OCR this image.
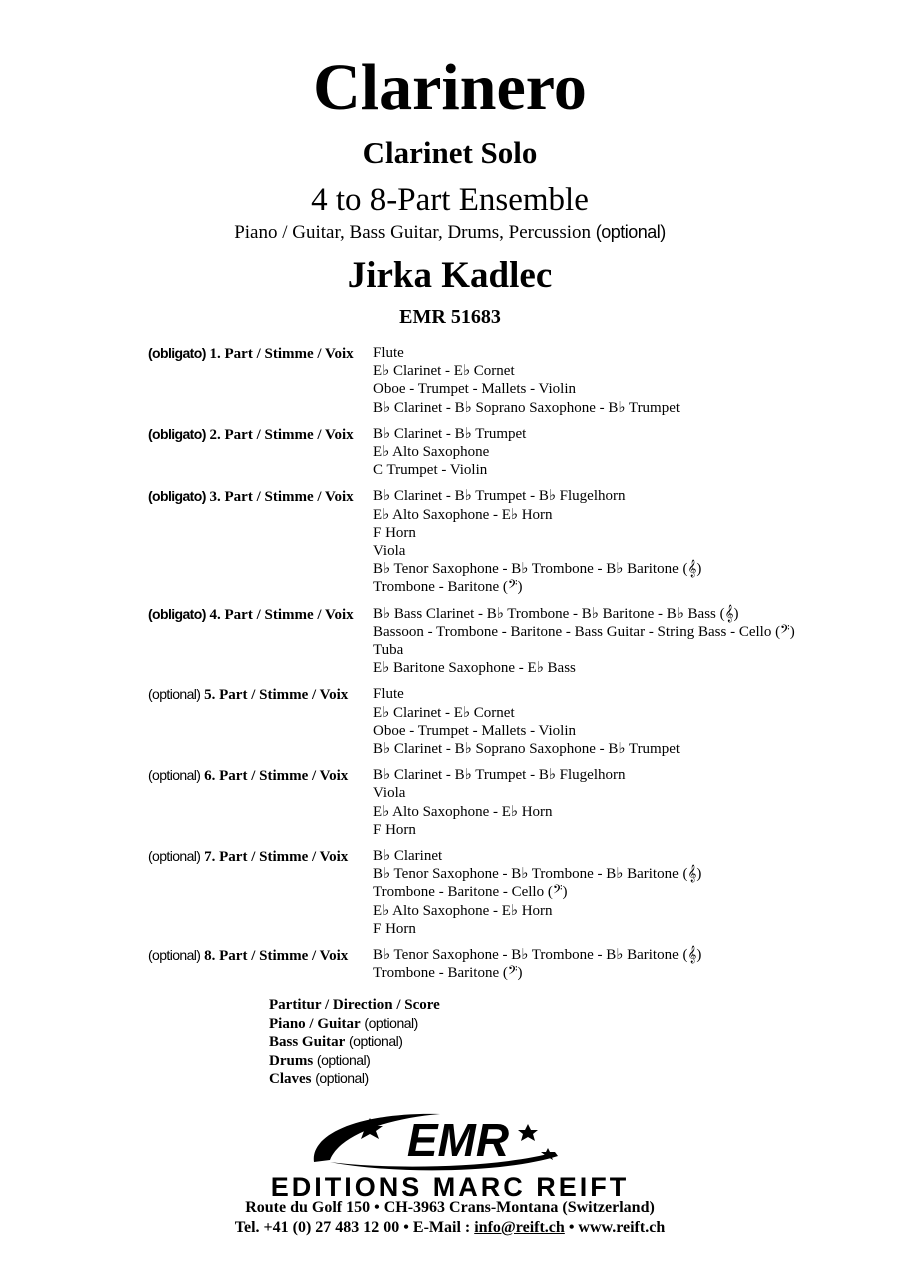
Clarinero
Clarinet Solo
4 to 8-Part Ensemble
Piano / Guitar, Bass Guitar, Drums, Percussion (optional)
Jirka Kadlec
EMR 51683
(obligato) 1. Part / Stimme / Voix	Flute
E♭ Clarinet - E♭ Cornet
Oboe - Trumpet - Mallets - Violin
B♭ Clarinet - B♭ Soprano Saxophone - B♭ Trumpet
(obligato) 2. Part / Stimme / Voix	B♭ Clarinet - B♭ Trumpet
E♭ Alto Saxophone
C Trumpet - Violin
(obligato) 3. Part / Stimme / Voix	B♭ Clarinet - B♭ Trumpet - B♭ Flugelhorn
E♭ Alto Saxophone - E♭ Horn
F Horn
Viola
B♭ Tenor Saxophone - B♭ Trombone - B♭ Baritone (𝄞)
Trombone - Baritone (𝄢)
(obligato) 4. Part / Stimme / Voix	B♭ Bass Clarinet - B♭ Trombone - B♭ Baritone - B♭ Bass (𝄞)
Bassoon - Trombone - Baritone - Bass Guitar - String Bass - Cello (𝄢)
Tuba
E♭ Baritone Saxophone - E♭ Bass
(optional) 5. Part / Stimme / Voix	Flute
E♭ Clarinet - E♭ Cornet
Oboe - Trumpet - Mallets - Violin
B♭ Clarinet - B♭ Soprano Saxophone - B♭ Trumpet
(optional) 6. Part / Stimme / Voix	B♭ Clarinet - B♭ Trumpet - B♭ Flugelhorn
Viola
E♭ Alto Saxophone - E♭ Horn
F Horn
(optional) 7. Part / Stimme / Voix	B♭ Clarinet
B♭ Tenor Saxophone - B♭ Trombone - B♭ Baritone (𝄞)
Trombone - Baritone - Cello (𝄢)
E♭ Alto Saxophone - E♭ Horn
F Horn
(optional) 8. Part / Stimme / Voix	B♭ Tenor Saxophone - B♭ Trombone - B♭ Baritone (𝄞)
Trombone - Baritone (𝄢)
Partitur / Direction / Score
Piano / Guitar (optional)
Bass Guitar (optional)
Drums (optional)
Claves (optional)
EMR
EDITIONS MARC REIFT
Route du Golf 150 • CH-3963 Crans-Montana (Switzerland)
Tel. +41 (0) 27 483 12 00 • E-Mail : info@reift.ch • www.reift.ch
